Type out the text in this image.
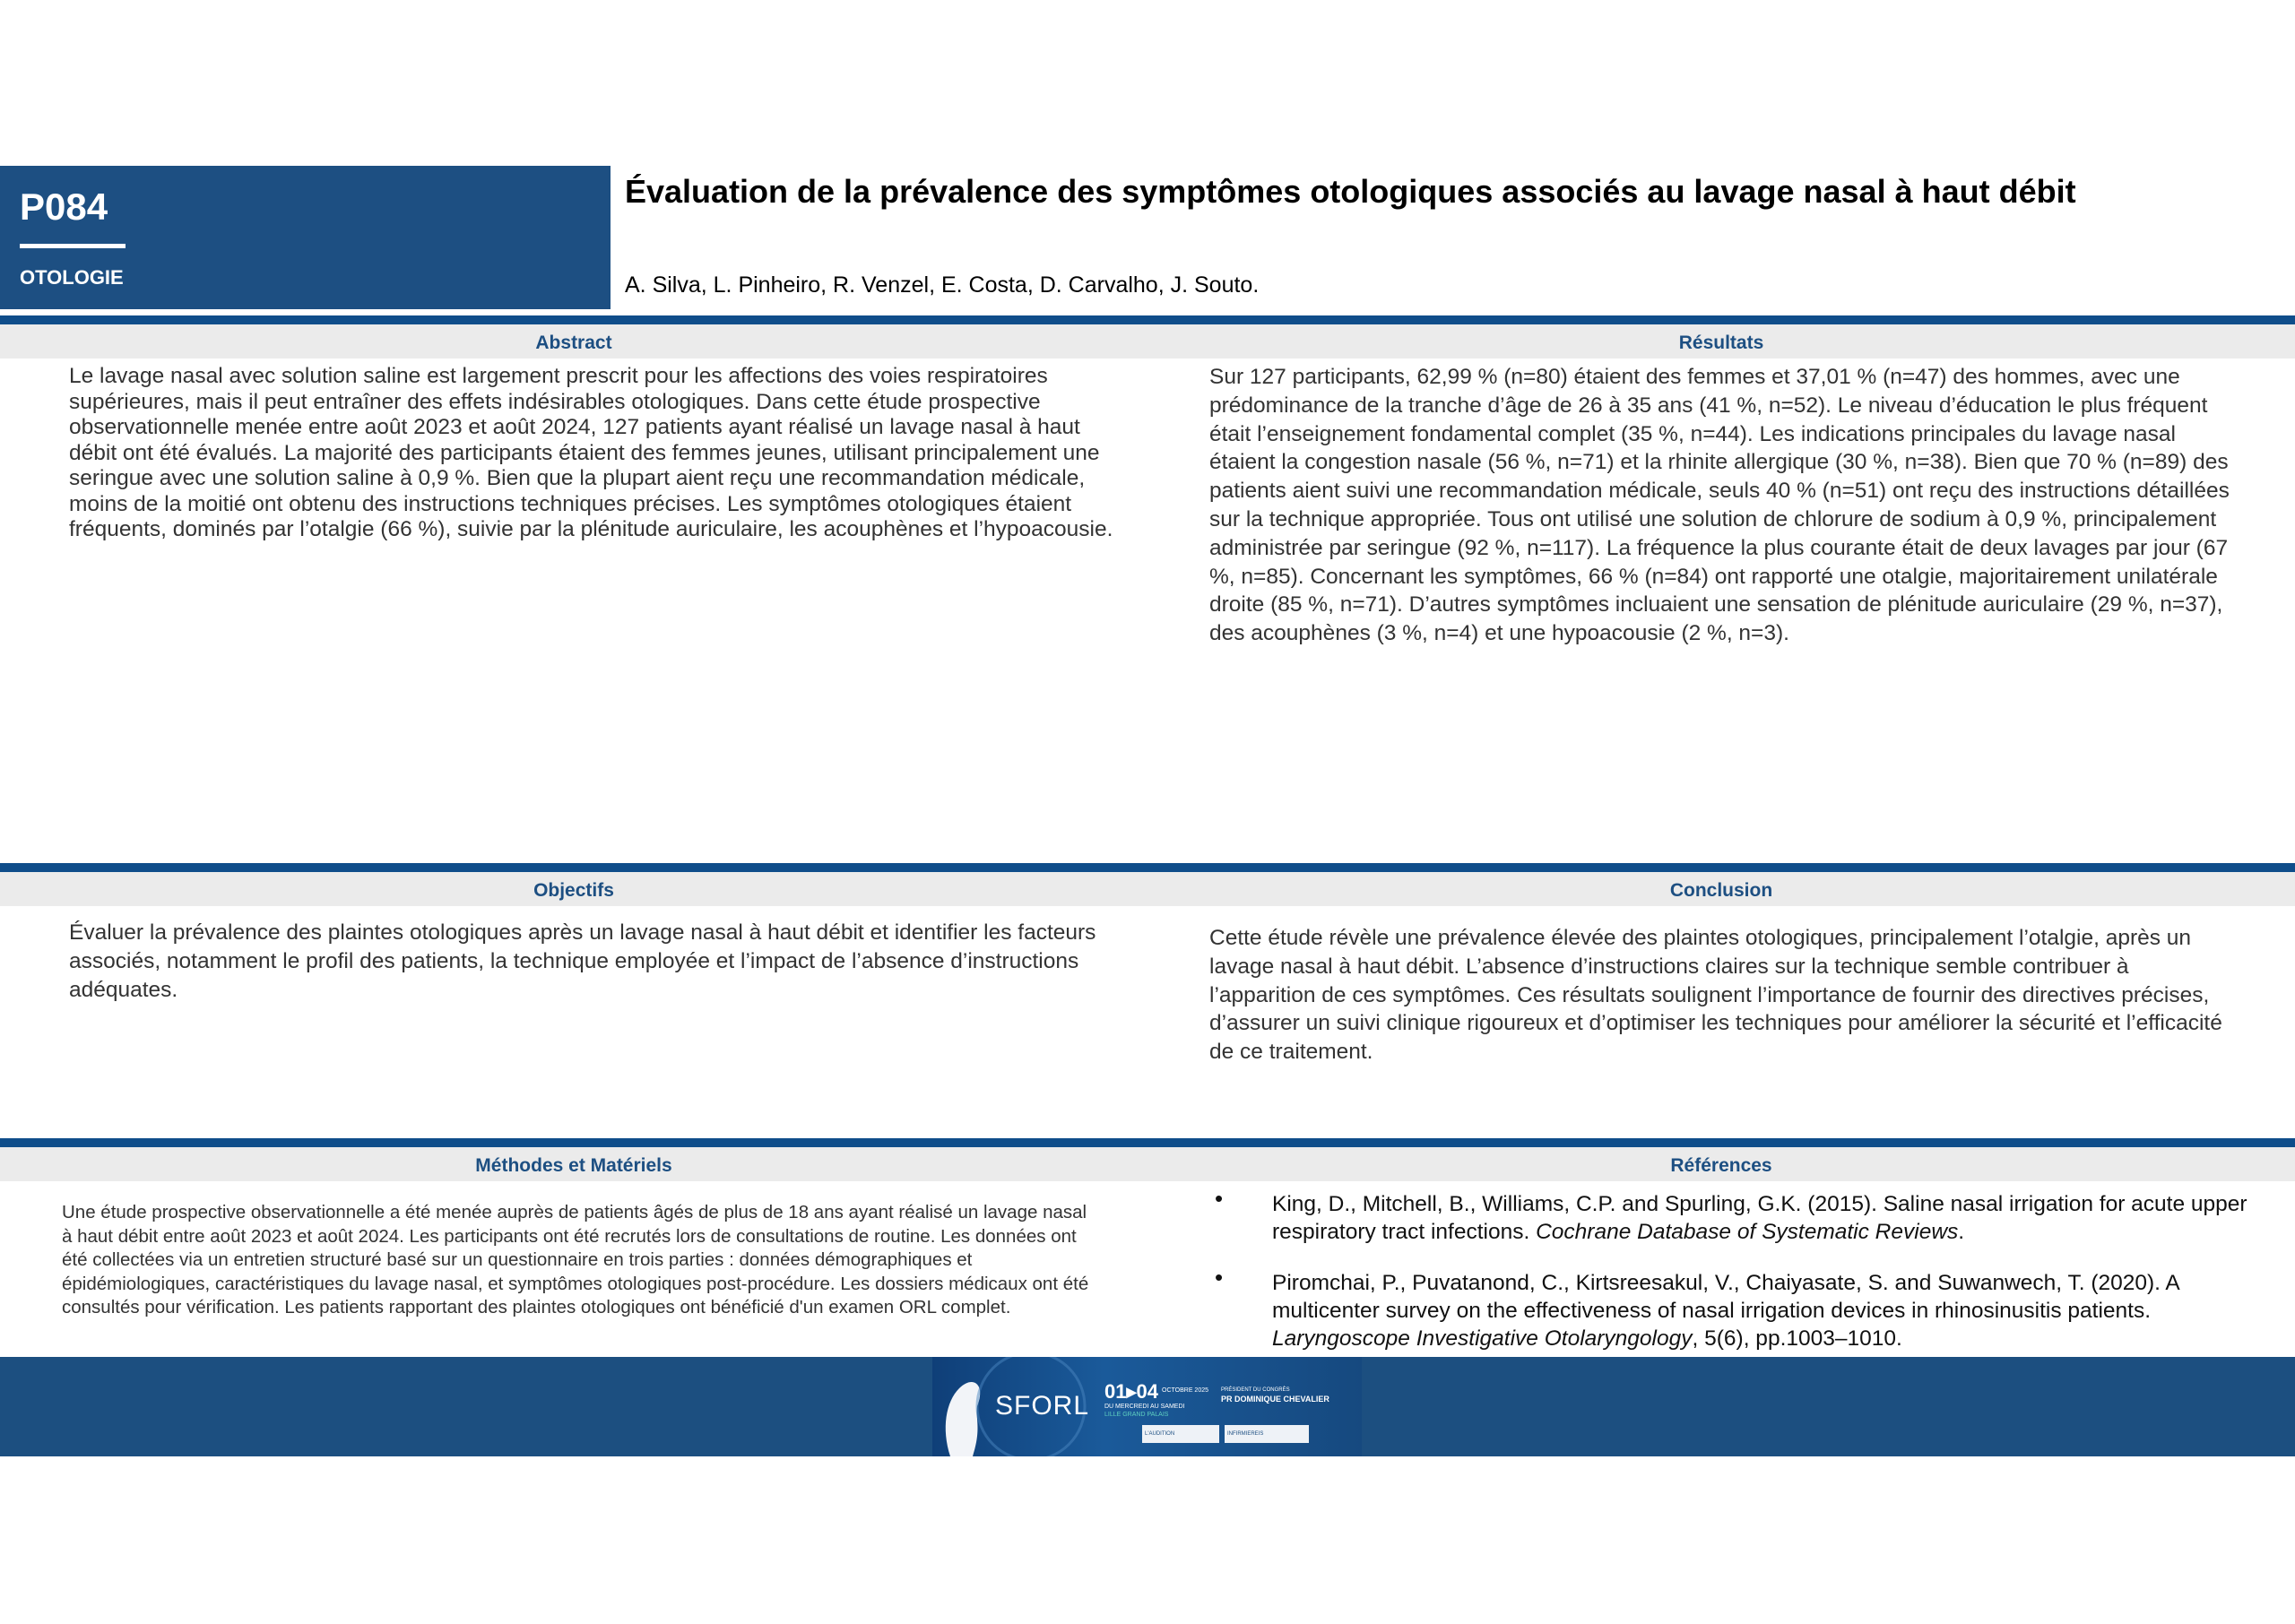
P084
OTOLOGIE
Évaluation de la prévalence des symptômes otologiques associés au lavage nasal à haut débit
A. Silva, L. Pinheiro, R. Venzel, E. Costa, D. Carvalho, J. Souto.
Abstract	Résultats
Le lavage nasal avec solution saline est largement prescrit pour les affections des voies respiratoires supérieures, mais il peut entraîner des effets indésirables otologiques. Dans cette étude prospective observationnelle menée entre août 2023 et août 2024, 127 patients ayant réalisé un lavage nasal à haut débit ont été évalués. La majorité des participants étaient des femmes jeunes, utilisant principalement une seringue avec une solution saline à 0,9 %. Bien que la plupart aient reçu une recommandation médicale, moins de la moitié ont obtenu des instructions techniques précises. Les symptômes otologiques étaient fréquents, dominés par l’otalgie (66 %), suivie par la plénitude auriculaire, les acouphènes et l’hypoacousie.
Sur 127 participants, 62,99 % (n=80) étaient des femmes et 37,01 % (n=47) des hommes, avec une prédominance de la tranche d’âge de 26 à 35 ans (41 %, n=52). Le niveau d’éducation le plus fréquent était l’enseignement fondamental complet (35 %, n=44). Les indications principales du lavage nasal étaient la congestion nasale (56 %, n=71) et la rhinite allergique (30 %, n=38). Bien que 70 % (n=89) des patients aient suivi une recommandation médicale, seuls 40 % (n=51) ont reçu des instructions détaillées sur la technique appropriée. Tous ont utilisé une solution de chlorure de sodium à 0,9 %, principalement administrée par seringue (92 %, n=117). La fréquence la plus courante était de deux lavages par jour (67 %, n=85). Concernant les symptômes, 66 % (n=84) ont rapporté une otalgie, majoritairement unilatérale droite (85 %, n=71). D’autres symptômes incluaient une sensation de plénitude auriculaire (29 %, n=37), des acouphènes (3 %, n=4) et une hypoacousie (2 %, n=3).
Objectifs	Conclusion
Évaluer la prévalence des plaintes otologiques après un lavage nasal à haut débit et identifier les facteurs associés, notamment le profil des patients, la technique employée et l’impact de l’absence d’instructions adéquates.
Cette étude révèle une prévalence élevée des plaintes otologiques, principalement l’otalgie, après un lavage nasal à haut débit. L’absence d’instructions claires sur la technique semble contribuer à l’apparition de ces symptômes. Ces résultats soulignent l’importance de fournir des directives précises, d’assurer un suivi clinique rigoureux et d’optimiser les techniques pour améliorer la sécurité et l’efficacité de ce traitement.
Méthodes et Matériels	Références
Une étude prospective observationnelle a été menée auprès de patients âgés de plus de 18 ans ayant réalisé un lavage nasal à haut débit entre août 2023 et août 2024. Les participants ont été recrutés lors de consultations de routine. Les données ont été collectées via un entretien structuré basé sur un questionnaire en trois parties : données démographiques et épidémiologiques, caractéristiques du lavage nasal, et symptômes otologiques post-procédure. Les dossiers médicaux ont été consultés pour vérification. Les patients rapportant des plaintes otologiques ont bénéficié d'un examen ORL complet.
• King, D., Mitchell, B., Williams, C.P. and Spurling, G.K. (2015). Saline nasal irrigation for acute upper respiratory tract infections. Cochrane Database of Systematic Reviews.
• Piromchai, P., Puvatanond, C., Kirtsreesakul, V., Chaiyasate, S. and Suwanwech, T. (2020). A multicenter survey on the effectiveness of nasal irrigation devices in rhinosinusitis patients. Laryngoscope Investigative Otolaryngology, 5(6), pp.1003–1010.
SFORL 01▸04 OCTOBRE 2025
DU MERCREDI AU SAMEDI
LILLE GRAND PALAIS
PRÉSIDENT DU CONGRÈS
PR DOMINIQUE CHEVALIER
L'AUDITION	INFIRMIEREIS
